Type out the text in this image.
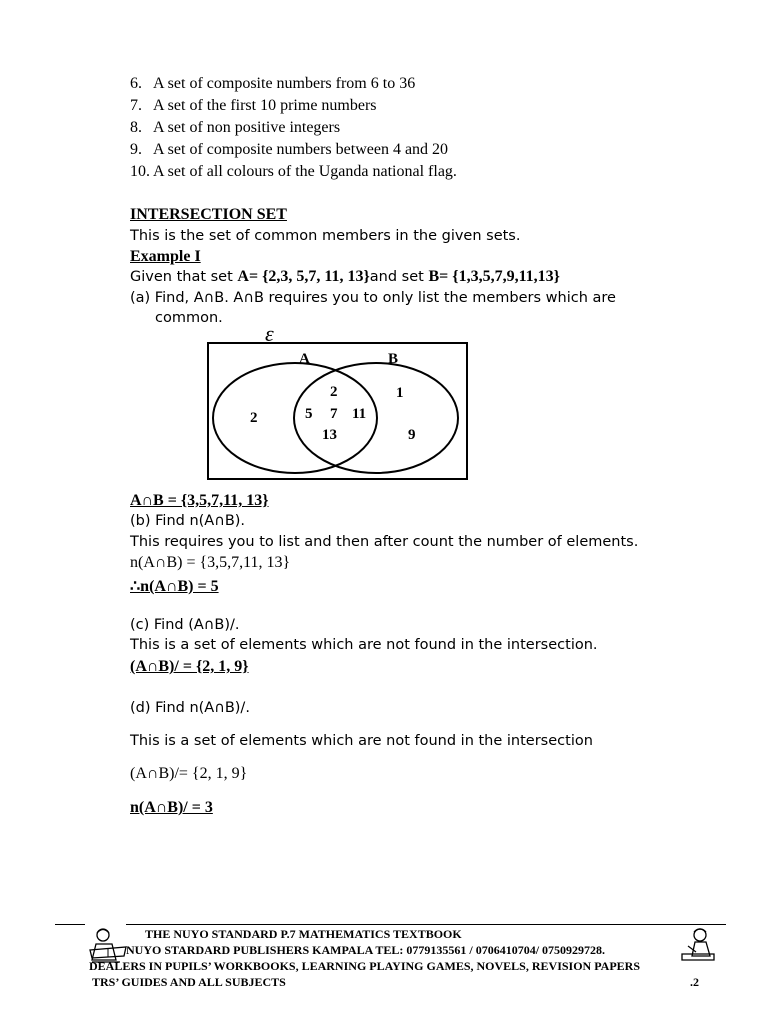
6. A set of composite numbers from 6 to 36
7. A set of the first 10 prime numbers
8. A set of non positive integers
9. A set of composite numbers between 4 and 20
10. A set of all colours of the Uganda national flag.
INTERSECTION SET
This is the set of common members in the given sets.
Example I
Given that set A= {2,3, 5,7, 11, 13}and set B= {1,3,5,7,9,11,13}
(a) Find, A∩B. A∩B requires you to only list the members which are
common.
ε
A	B
2
2
5 7 11
13
1
9
A∩B = {3,5,7,11, 13}
(b) Find n(A∩B).
This requires you to list and then after count the number of elements.
n(A∩B) = {3,5,7,11, 13}
∴n(A∩B) = 5
(c) Find (A∩B)/.
This is a set of elements which are not found in the intersection.
(A∩B)/ = {2, 1, 9}
(d) Find n(A∩B)/.
This is a set of elements which are not found in the intersection
(A∩B)/= {2, 1, 9}
n(A∩B)/ = 3
THE NUYO STANDARD P.7 MATHEMATICS TEXTBOOK
NUYO STARDARD PUBLISHERS KAMPALA TEL: 0779135561 / 0706410704/ 0750929728.
DEALERS IN PUPILS’ WORKBOOKS, LEARNING PLAYING GAMES, NOVELS, REVISION PAPERS
TRS’ GUIDES AND ALL SUBJECTS	.2
